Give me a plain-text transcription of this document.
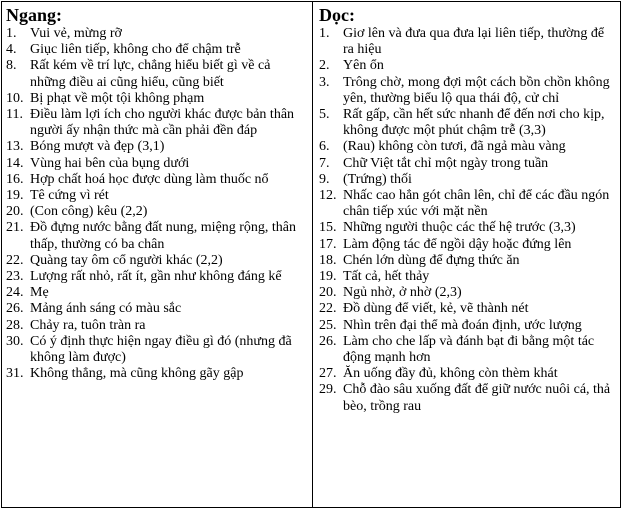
Ngang:
1. Vui vẻ, mừng rỡ
4. Giục liên tiếp, không cho để chậm trễ
8. Rất kém về trí lực, chẳng hiểu biết gì về cả những điều ai cũng hiểu, cũng biết
10. Bị phạt về một tội không phạm
11. Điều làm lợi ích cho người khác được bản thân người ấy nhận thức mà cần phải đền đáp
13. Bóng mượt và đẹp (3,1)
14. Vùng hai bên của bụng dưới
16. Hợp chất hoá học được dùng làm thuốc nổ
19. Tê cứng vì rét
20. (Con công) kêu (2,2)
21. Đồ đựng nước bằng đất nung, miệng rộng, thân thấp, thường có ba chân
22. Quàng tay ôm cổ người khác (2,2)
23. Lượng rất nhỏ, rất ít, gần như không đáng kể
24. Mẹ
26. Mảng ánh sáng có màu sắc
28. Chảy ra, tuôn tràn ra
30. Có ý định thực hiện ngay điều gì đó (nhưng đã không làm được)
31. Không thẳng, mà cũng không gãy gập
Dọc:
1. Giơ lên và đưa qua đưa lại liên tiếp, thường để ra hiệu
2. Yên ổn
3. Trông chờ, mong đợi một cách bồn chồn không yên, thường biểu lộ qua thái độ, cử chỉ
5. Rất gấp, cần hết sức nhanh để đến nơi cho kịp, không được một phút chậm trễ (3,3)
6. (Rau) không còn tươi, đã ngả màu vàng
7. Chữ Việt tắt chỉ một ngày trong tuần
9. (Trứng) thối
12. Nhấc cao hẳn gót chân lên, chỉ để các đầu ngón chân tiếp xúc với mặt nền
15. Những người thuộc các thế hệ trước (3,3)
17. Làm động tác để ngồi dậy hoặc đứng lên
18. Chén lớn dùng để đựng thức ăn
19. Tất cả, hết thảy
20. Ngủ nhờ, ở nhờ (2,3)
22. Đồ dùng để viết, kẻ, vẽ thành nét
25. Nhìn trên đại thể mà đoán định, ước lượng
26. Làm cho che lấp và đánh bạt đi bằng một tác động mạnh hơn
27. Ăn uống đầy đủ, không còn thèm khát
29. Chỗ đào sâu xuống đất để giữ nước nuôi cá, thả bèo, trồng rau
